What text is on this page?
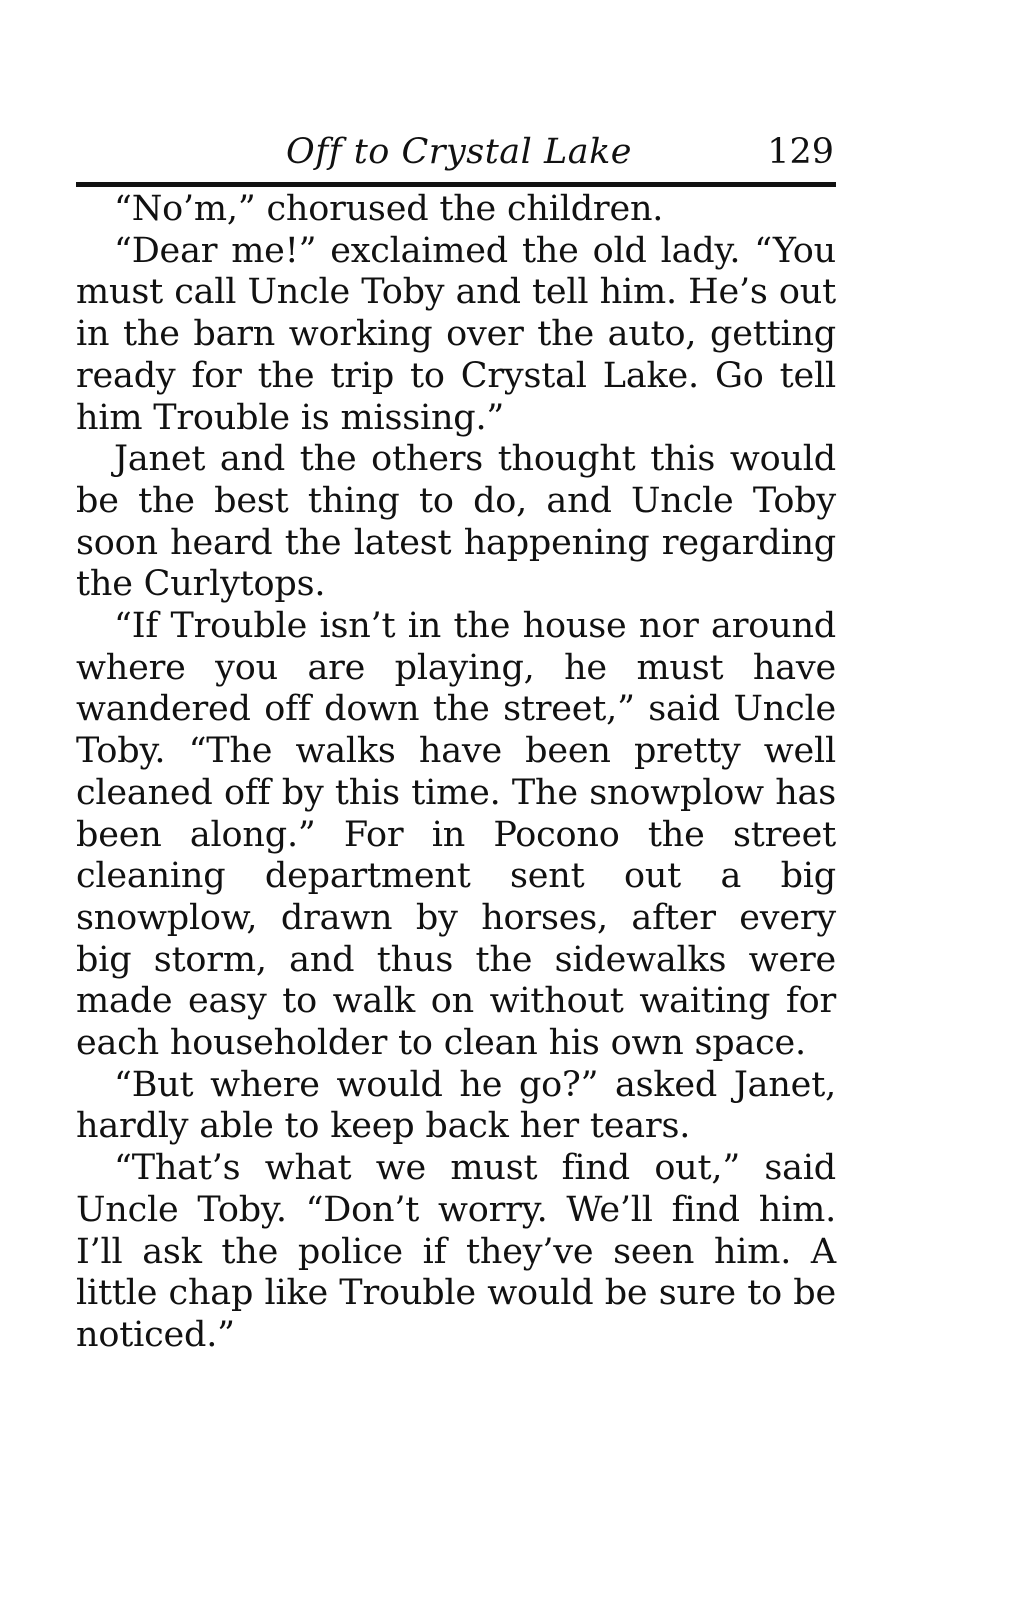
Off to Crystal Lake	129

“No’m,” chorused the children.

“Dear me!” exclaimed the old lady. “You must call Uncle Toby and tell him. He’s out in the barn working over the auto, getting ready for the trip to Crystal Lake. Go tell him Trouble is missing.”

Janet and the others thought this would be the best thing to do, and Uncle Toby soon heard the latest happening regarding the Curlytops.

“If Trouble isn’t in the house nor around where you are playing, he must have wandered off down the street,” said Uncle Toby. “The walks have been pretty well cleaned off by this time. The snowplow has been along.” For in Pocono the street cleaning department sent out a big snowplow, drawn by horses, after every big storm, and thus the sidewalks were made easy to walk on without waiting for each householder to clean his own space.

“But where would he go?” asked Janet, hardly able to keep back her tears.

“That’s what we must find out,” said Uncle Toby. “Don’t worry. We’ll find him. I’ll ask the police if they’ve seen him. A little chap like Trouble would be sure to be noticed.”
